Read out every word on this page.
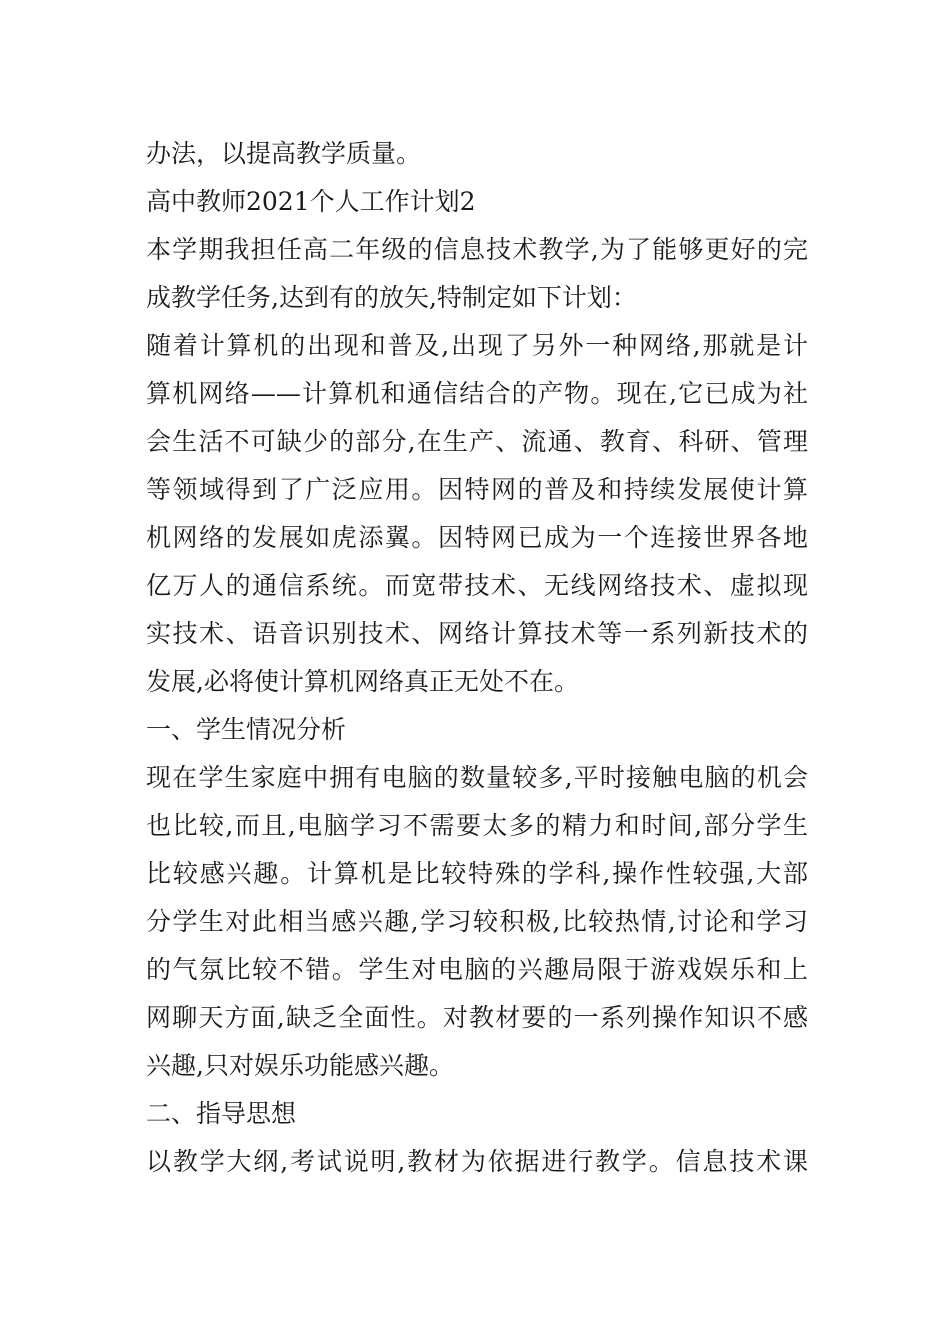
办法，以提高教学质量。
高中教师2021个人工作计划2
本学期我担任高二年级的信息技术教学,为了能够更好的完
成教学任务,达到有的放矢,特制定如下计划：
随着计算机的出现和普及,出现了另外一种网络,那就是计
算机网络——计算机和通信结合的产物。现在,它已成为社
会生活不可缺少的部分,在生产、流通、教育、科研、管理
等领域得到了广泛应用。因特网的普及和持续发展使计算
机网络的发展如虎添翼。因特网已成为一个连接世界各地
亿万人的通信系统。而宽带技术、无线网络技术、虚拟现
实技术、语音识别技术、网络计算技术等一系列新技术的
发展,必将使计算机网络真正无处不在。
一、学生情况分析
现在学生家庭中拥有电脑的数量较多,平时接触电脑的机会
也比较,而且,电脑学习不需要太多的精力和时间,部分学生
比较感兴趣。计算机是比较特殊的学科,操作性较强,大部
分学生对此相当感兴趣,学习较积极,比较热情,讨论和学习
的气氛比较不错。学生对电脑的兴趣局限于游戏娱乐和上
网聊天方面,缺乏全面性。对教材要的一系列操作知识不感
兴趣,只对娱乐功能感兴趣。
二、指导思想
以教学大纲,考试说明,教材为依据进行教学。信息技术课
